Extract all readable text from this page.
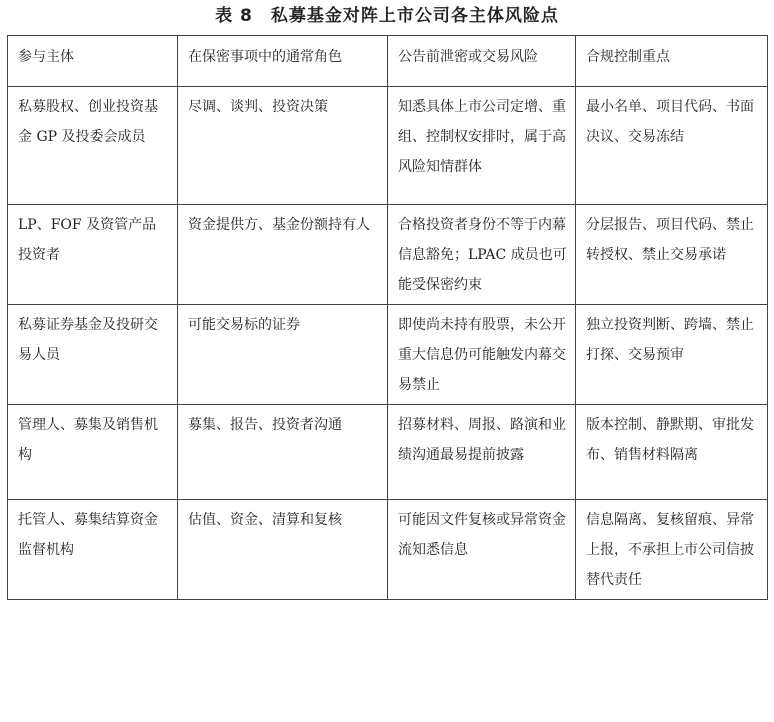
表 8　私募基金对阵上市公司各主体风险点
参与主体	在保密事项中的通常角色	公告前泄密或交易风险	合规控制重点
私募股权、创业投资基金 GP 及投委会成员	尽调、谈判、投资决策	知悉具体上市公司定增、重组、控制权安排时，属于高风险知情群体	最小名单、项目代码、书面决议、交易冻结
LP、FOF 及资管产品投资者	资金提供方、基金份额持有人	合格投资者身份不等于内幕信息豁免；LPAC 成员也可能受保密约束	分层报告、项目代码、禁止转授权、禁止交易承诺
私募证券基金及投研交易人员	可能交易标的证券	即使尚未持有股票，未公开重大信息仍可能触发内幕交易禁止	独立投资判断、跨墙、禁止打探、交易预审
管理人、募集及销售机构	募集、报告、投资者沟通	招募材料、周报、路演和业绩沟通最易提前披露	版本控制、静默期、审批发布、销售材料隔离
托管人、募集结算资金监督机构	估值、资金、清算和复核	可能因文件复核或异常资金流知悉信息	信息隔离、复核留痕、异常上报，不承担上市公司信披替代责任
